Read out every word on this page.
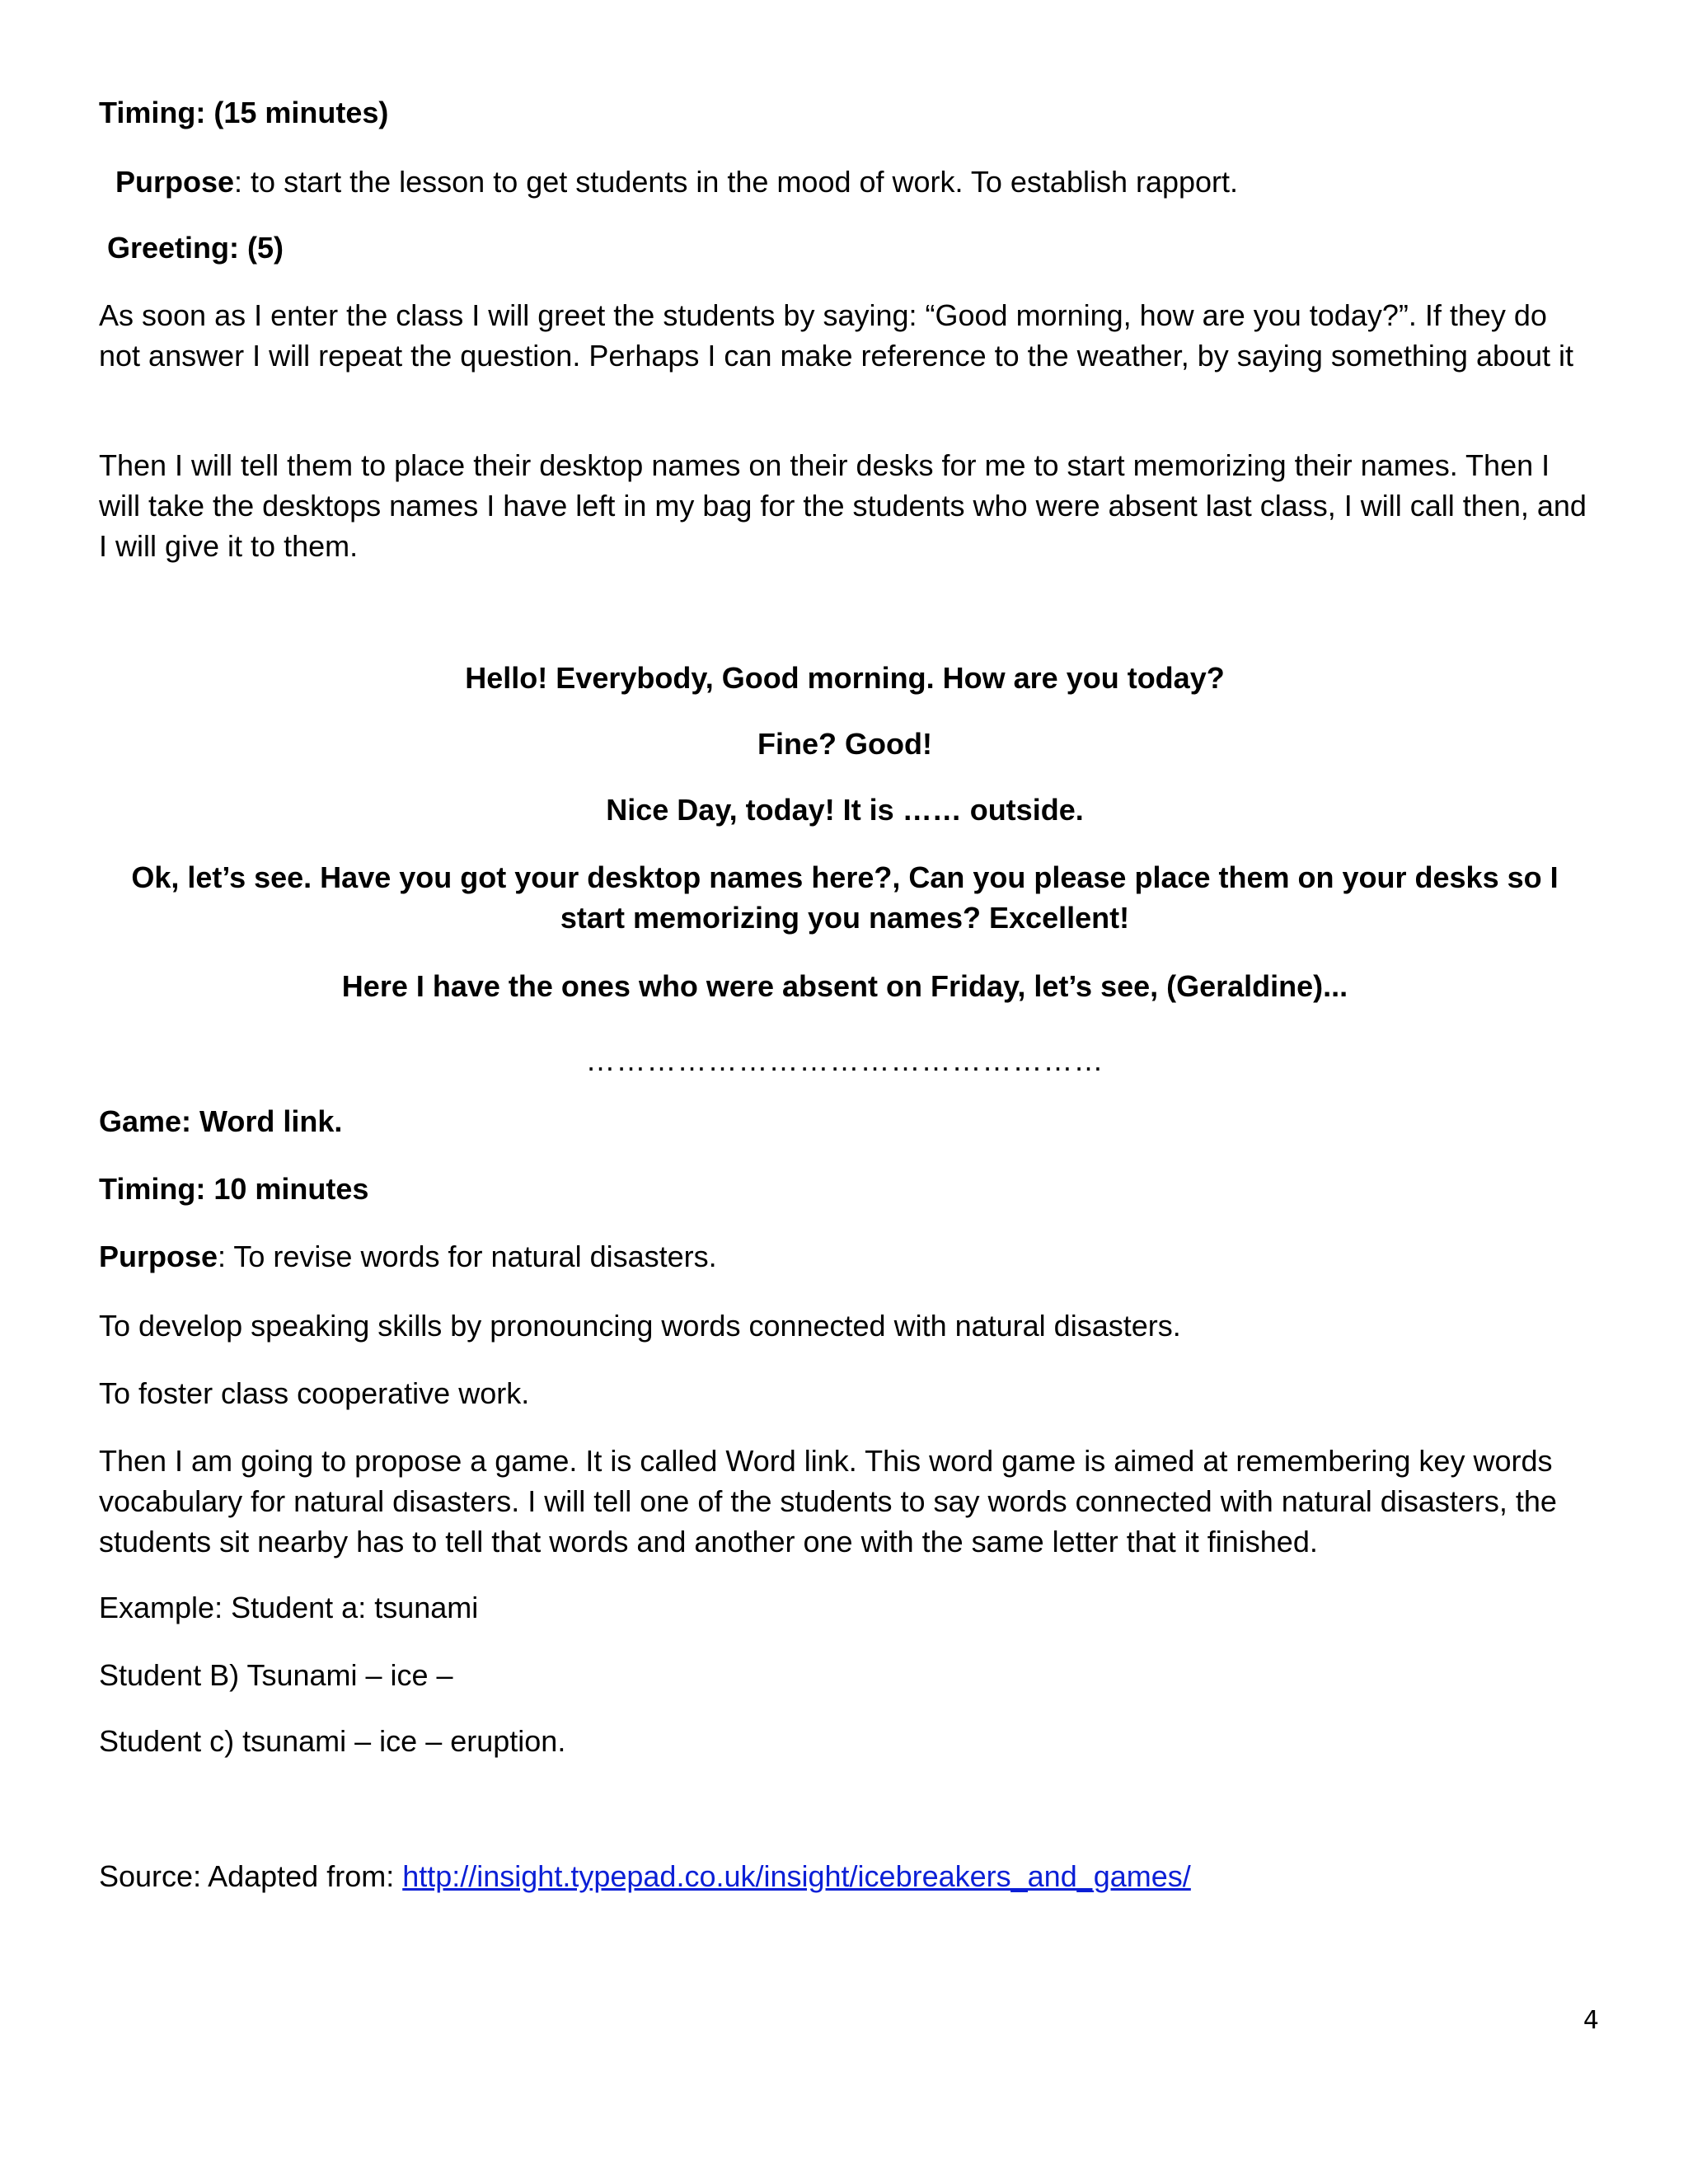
Timing: (15 minutes)

Purpose: to start the lesson to get students in the mood of work. To establish rapport.

Greeting: (5)

As soon as I enter the class I will greet the students by saying: “Good morning, how are you today?”. If they do not answer I will repeat the question. Perhaps I can make reference to the weather, by saying something about it

Then I will tell them to place their desktop names on their desks for me to start memorizing their names. Then I will take the desktops names I have left in my bag for the students who were absent last class, I will call then, and I will give it to them.

Hello! Everybody, Good morning. How are you today?

Fine? Good!

Nice Day, today! It is …… outside.

Ok, let’s see. Have you got your desktop names here?, Can you please place them on your desks so I start memorizing you names? Excellent!

Here I have the ones who were absent on Friday, let’s see, (Geraldine)...

……………………………………………

Game: Word link.

Timing: 10 minutes

Purpose: To revise words for natural disasters.

To develop speaking skills by pronouncing words connected with natural disasters.

To foster class cooperative work.

Then I am going to propose a game. It is called Word link. This word game is aimed at remembering key words vocabulary for natural disasters. I will tell one of the students to say words connected with natural disasters, the students sit nearby has to tell that words and another one with the same letter that it finished.

Example: Student a: tsunami

Student B) Tsunami – ice –

Student c) tsunami – ice – eruption.

Source: Adapted from: http://insight.typepad.co.uk/insight/icebreakers_and_games/

4
